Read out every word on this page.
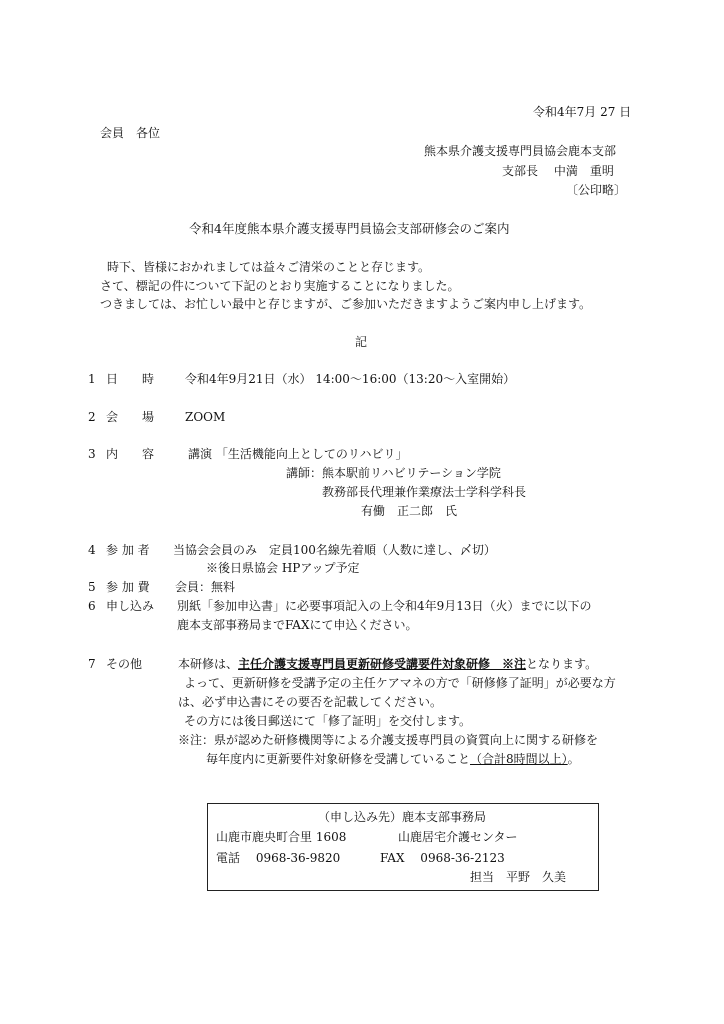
令和4年7月 27 日
会員　各位
熊本県介護支援専門員協会鹿本支部
支部長　 中満　重明
〔公印略〕
令和4年度熊本県介護支援専門員協会支部研修会のご案内
時下、皆様におかれましては益々ご清栄のことと存じます。
さて、標記の件について下記のとおり実施することになりました。
つきましては、お忙しい最中と存じますが、ご参加いただきますようご案内申し上げます。
記
1 日　　時	令和4年9月21日（水） 14:00～16:00（13:20～入室開始）
2 会　　場	ZOOM
3 内　　容	講演 「生活機能向上としてのリハビリ」
講師：熊本駅前リハビリテーション学院
教務部長代理兼作業療法士学科学科長
有働　正二郎　氏
4 参 加 者 当協会会員のみ　定員100名線先着順（人数に達し、〆切）
※後日県協会 HPアップ予定
5 参 加 費 会員：無料
6 申し込み 別紙「参加申込書」に必要事項記入の上令和4年9月13日（火）までに以下の
鹿本支部事務局までFAXにて申込ください。
7 その他	本研修は、主任介護支援専門員更新研修受講要件対象研修　※注となります。
よって、更新研修を受講予定の主任ケアマネの方で「研修修了証明」が必要な方
は、必ず申込書にその要否を記載してください。
その方には後日郵送にて「修了証明」を交付します。
※注：県が認めた研修機関等による介護支援専門員の資質向上に関する研修を
毎年度内に更新要件対象研修を受講していること（合計8時間以上）。
（申し込み先）鹿本支部事務局
山鹿市鹿央町合里 1608	山鹿居宅介護センター
電話　 0968-36-9820	FAX　 0968-36-2123
担当　平野　久美
